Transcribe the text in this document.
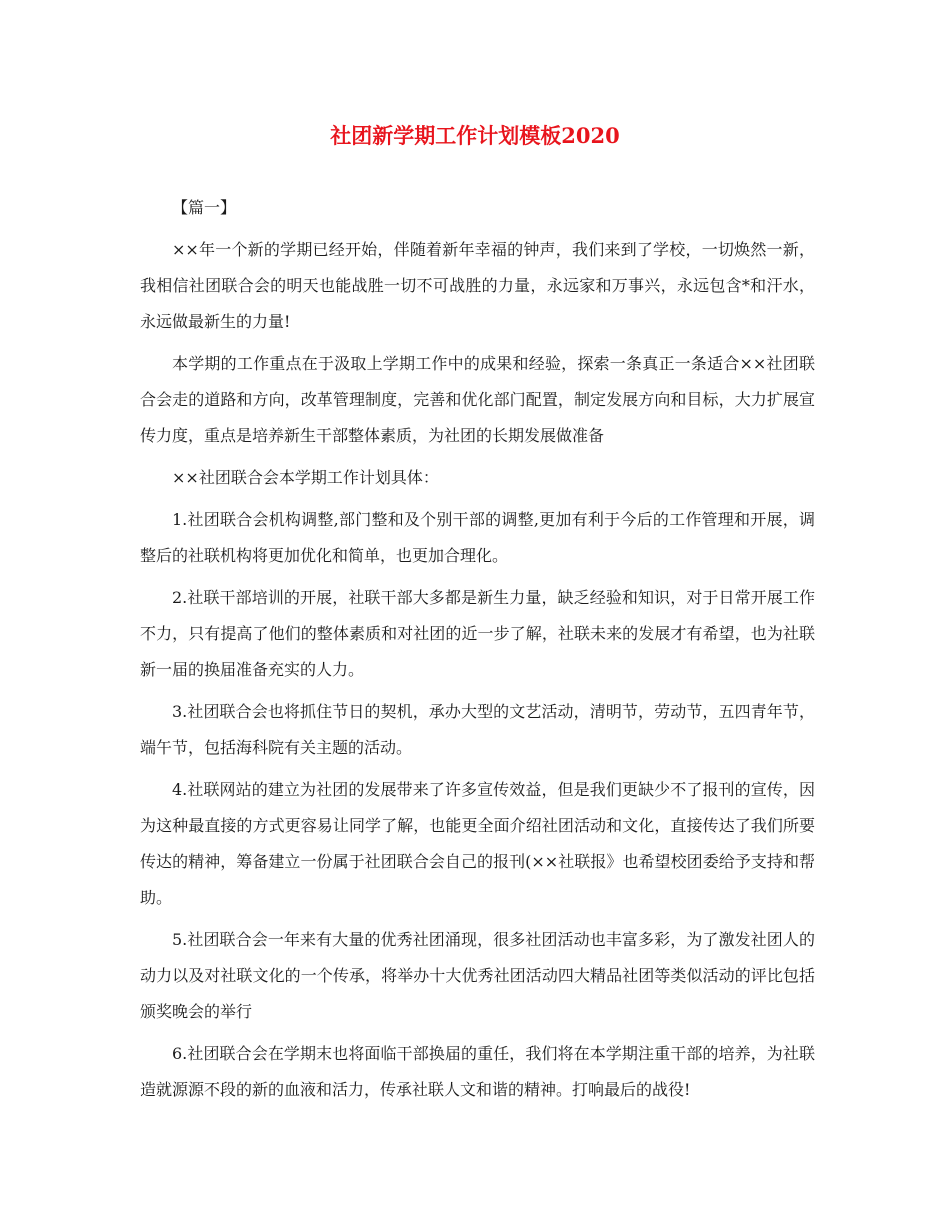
社团新学期工作计划模板2020

【篇一】

××年一个新的学期已经开始，伴随着新年幸福的钟声，我们来到了学校，一切焕然一新，我相信社团联合会的明天也能战胜一切不可战胜的力量，永远家和万事兴，永远包含*和汗水，永远做最新生的力量!

本学期的工作重点在于汲取上学期工作中的成果和经验，探索一条真正一条适合××社团联合会走的道路和方向，改革管理制度，完善和优化部门配置，制定发展方向和目标，大力扩展宣传力度，重点是培养新生干部整体素质，为社团的长期发展做准备

××社团联合会本学期工作计划具体：

1.社团联合会机构调整,部门整和及个别干部的调整,更加有利于今后的工作管理和开展，调整后的社联机构将更加优化和简单，也更加合理化。

2.社联干部培训的开展，社联干部大多都是新生力量，缺乏经验和知识，对于日常开展工作不力，只有提高了他们的整体素质和对社团的近一步了解，社联未来的发展才有希望，也为社联新一届的换届准备充实的人力。

3.社团联合会也将抓住节日的契机，承办大型的文艺活动，清明节，劳动节，五四青年节，端午节，包括海科院有关主题的活动。

4.社联网站的建立为社团的发展带来了许多宣传效益，但是我们更缺少不了报刊的宣传，因为这种最直接的方式更容易让同学了解，也能更全面介绍社团活动和文化，直接传达了我们所要传达的精神，筹备建立一份属于社团联合会自己的报刊(××社联报》也希望校团委给予支持和帮助。

5.社团联合会一年来有大量的优秀社团涌现，很多社团活动也丰富多彩，为了激发社团人的动力以及对社联文化的一个传承，将举办十大优秀社团活动四大精品社团等类似活动的评比包括颁奖晚会的举行

6.社团联合会在学期末也将面临干部换届的重任，我们将在本学期注重干部的培养，为社联造就源源不段的新的血液和活力，传承社联人文和谐的精神。打响最后的战役!
